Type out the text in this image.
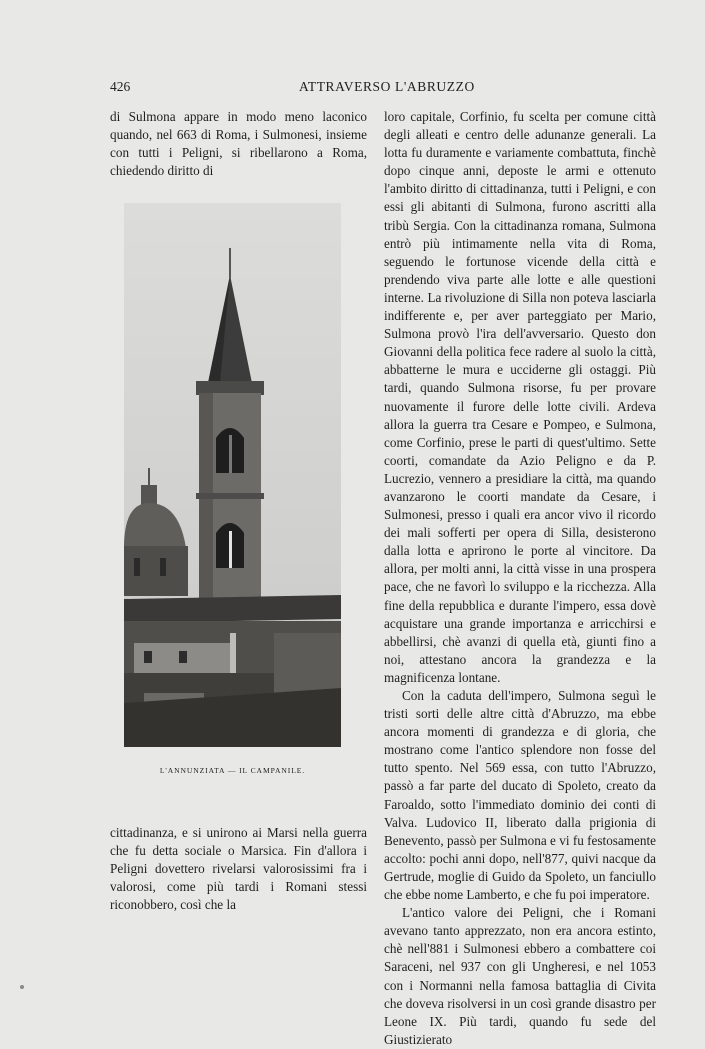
426	ATTRAVERSO L'ABRUZZO

di Sulmona appare in modo meno laconico quando, nel 663 di Roma, i Sulmonesi, insieme con tutti i Peligni, si ribellarono a Roma, chiedendo diritto di

L'ANNUNZIATA — IL CAMPANILE.

cittadinanza, e si unirono ai Marsi nella guerra che fu detta sociale o Marsica. Fin d'allora i Peligni dovettero rivelarsi valorosissimi fra i valorosi, come più tardi i Romani stessi riconobbero, così che la

loro capitale, Corfinio, fu scelta per comune città degli alleati e centro delle adunanze generali. La lotta fu duramente e variamente combattuta, finchè dopo cinque anni, deposte le armi e ottenuto l'ambito diritto di cittadinanza, tutti i Peligni, e con essi gli abitanti di Sulmona, furono ascritti alla tribù Sergia. Con la cittadinanza romana, Sulmona entrò più intimamente nella vita di Roma, seguendo le fortunose vicende della città e prendendo viva parte alle lotte e alle questioni interne. La rivoluzione di Silla non poteva lasciarla indifferente e, per aver parteggiato per Mario, Sulmona provò l'ira dell'avversario. Questo don Giovanni della politica fece radere al suolo la città, abbatterne le mura e ucciderne gli ostaggi. Più tardi, quando Sulmona risorse, fu per provare nuovamente il furore delle lotte civili. Ardeva allora la guerra tra Cesare e Pompeo, e Sulmona, come Corfinio, prese le parti di quest'ultimo. Sette coorti, comandate da Azio Peligno e da P. Lucrezio, vennero a presidiare la città, ma quando avanzarono le coorti mandate da Cesare, i Sulmonesi, presso i quali era ancor vivo il ricordo dei mali sofferti per opera di Silla, desisterono dalla lotta e aprirono le porte al vincitore. Da allora, per molti anni, la città visse in una prospera pace, che ne favorì lo sviluppo e la ricchezza. Alla fine della repubblica e durante l'impero, essa dovè acquistare una grande importanza e arricchirsi e abbellirsi, chè avanzi di quella età, giunti fino a noi, attestano ancora la grandezza e la magnificenza lontane.

Con la caduta dell'impero, Sulmona seguì le tristi sorti delle altre città d'Abruzzo, ma ebbe ancora momenti di grandezza e di gloria, che mostrano come l'antico splendore non fosse del tutto spento. Nel 569 essa, con tutto l'Abruzzo, passò a far parte del ducato di Spoleto, creato da Faroaldo, sotto l'immediato dominio dei conti di Valva. Ludovico II, liberato dalla prigionia di Benevento, passò per Sulmona e vi fu festosamente accolto: pochi anni dopo, nell'877, quivi nacque da Gertrude, moglie di Guido da Spoleto, un fanciullo che ebbe nome Lamberto, e che fu poi imperatore.

L'antico valore dei Peligni, che i Romani avevano tanto apprezzato, non era ancora estinto, chè nell'881 i Sulmonesi ebbero a combattere coi Saraceni, nel 937 con gli Ungheresi, e nel 1053 con i Normanni nella famosa battaglia di Civita che doveva risolversi in un così grande disastro per Leone IX. Più tardi, quando fu sede del Giustizierato
